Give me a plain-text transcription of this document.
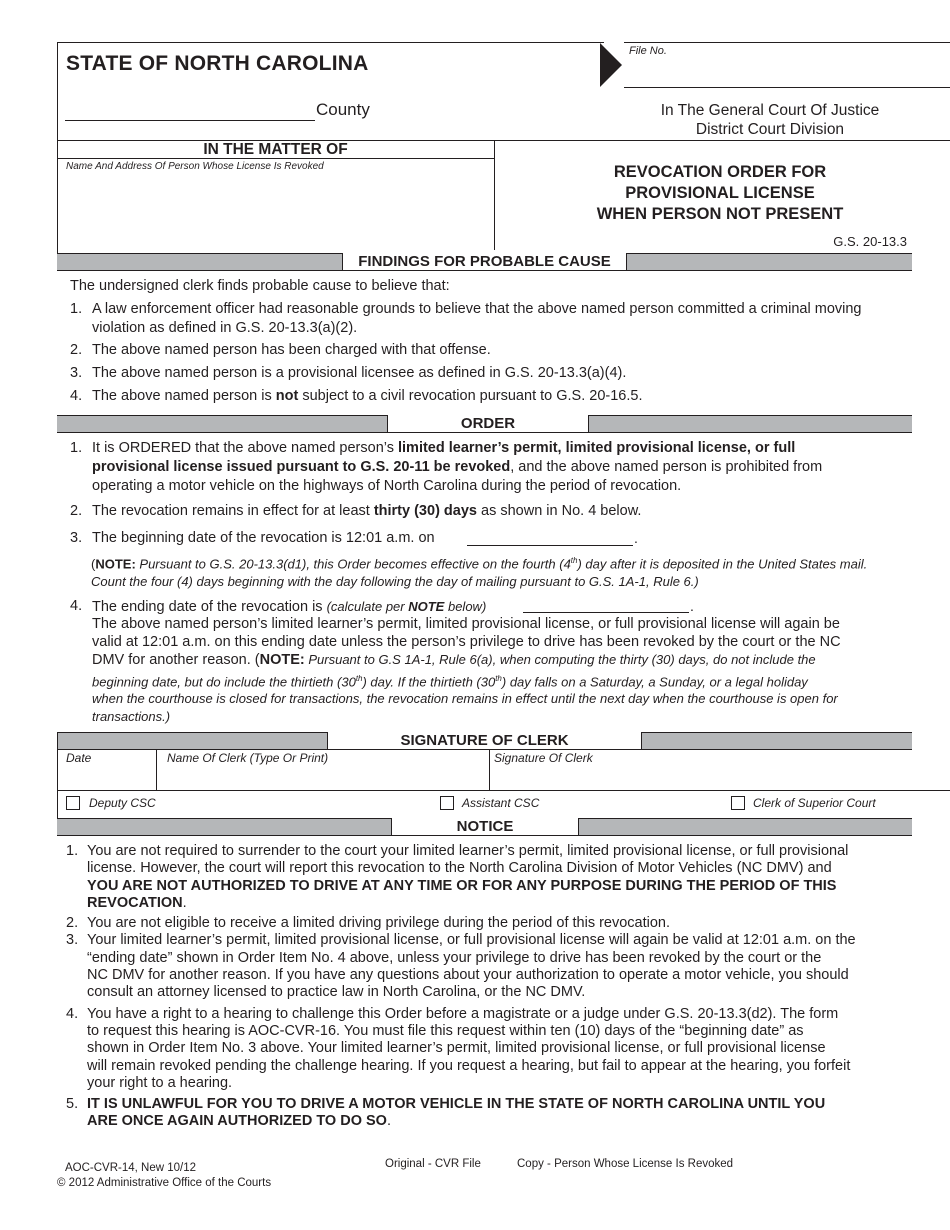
STATE OF NORTH CAROLINA
File No.
County	In The General Court Of Justice
District Court Division
IN THE MATTER OF
Name And Address Of Person Whose License Is Revoked	REVOCATION ORDER FOR
PROVISIONAL LICENSE
WHEN PERSON NOT PRESENT
G.S. 20-13.3
FINDINGS FOR PROBABLE CAUSE
The undersigned clerk finds probable cause to believe that:
1. A law enforcement officer had reasonable grounds to believe that the above named person committed a criminal moving
violation as defined in G.S. 20-13.3(a)(2).
2. The above named person has been charged with that offense.
3. The above named person is a provisional licensee as defined in G.S. 20-13.3(a)(4).
4. The above named person is not subject to a civil revocation pursuant to G.S. 20-16.5.
ORDER
1. It is ORDERED that the above named person’s limited learner’s permit, limited provisional license, or full
provisional license issued pursuant to G.S. 20-11 be revoked, and the above named person is prohibited from
operating a motor vehicle on the highways of North Carolina during the period of revocation.
2. The revocation remains in effect for at least thirty (30) days as shown in No. 4 below.
3. The beginning date of the revocation is 12:01 a.m. on	.
(NOTE: Pursuant to G.S. 20-13.3(d1), this Order becomes effective on the fourth (4th) day after it is deposited in the United States mail.
Count the four (4) days beginning with the day following the day of mailing pursuant to G.S. 1A-1, Rule 6.)
4. The ending date of the revocation is (calculate per NOTE below)	.
The above named person’s limited learner’s permit, limited provisional license, or full provisional license will again be
valid at 12:01 a.m. on this ending date unless the person’s privilege to drive has been revoked by the court or the NC
DMV for another reason. (NOTE: Pursuant to G.S 1A-1, Rule 6(a), when computing the thirty (30) days, do not include the
beginning date, but do include the thirtieth (30th) day. If the thirtieth (30th) day falls on a Saturday, a Sunday, or a legal holiday
when the courthouse is closed for transactions, the revocation remains in effect until the next day when the courthouse is open for
transactions.)
SIGNATURE OF CLERK
Date	Name Of Clerk (Type Or Print)	Signature Of Clerk
Deputy CSC	Assistant CSC	Clerk of Superior Court
NOTICE
1. You are not required to surrender to the court your limited learner’s permit, limited provisional license, or full provisional
license. However, the court will report this revocation to the North Carolina Division of Motor Vehicles (NC DMV) and
YOU ARE NOT AUTHORIZED TO DRIVE AT ANY TIME OR FOR ANY PURPOSE DURING THE PERIOD OF THIS
REVOCATION.
2. You are not eligible to receive a limited driving privilege during the period of this revocation.
3. Your limited learner’s permit, limited provisional license, or full provisional license will again be valid at 12:01 a.m. on the
“ending date” shown in Order Item No. 4 above, unless your privilege to drive has been revoked by the court or the
NC DMV for another reason. If you have any questions about your authorization to operate a motor vehicle, you should
consult an attorney licensed to practice law in North Carolina, or the NC DMV.
4. You have a right to a hearing to challenge this Order before a magistrate or a judge under G.S. 20-13.3(d2). The form
to request this hearing is AOC-CVR-16. You must file this request within ten (10) days of the “beginning date” as
shown in Order Item No. 3 above. Your limited learner’s permit, limited provisional license, or full provisional license
will remain revoked pending the challenge hearing. If you request a hearing, but fail to appear at the hearing, you forfeit
your right to a hearing.
5. IT IS UNLAWFUL FOR YOU TO DRIVE A MOTOR VEHICLE IN THE STATE OF NORTH CAROLINA UNTIL YOU
ARE ONCE AGAIN AUTHORIZED TO DO SO.
AOC-CVR-14, New 10/12
© 2012 Administrative Office of the Courts
Original - CVR File	Copy - Person Whose License Is Revoked
